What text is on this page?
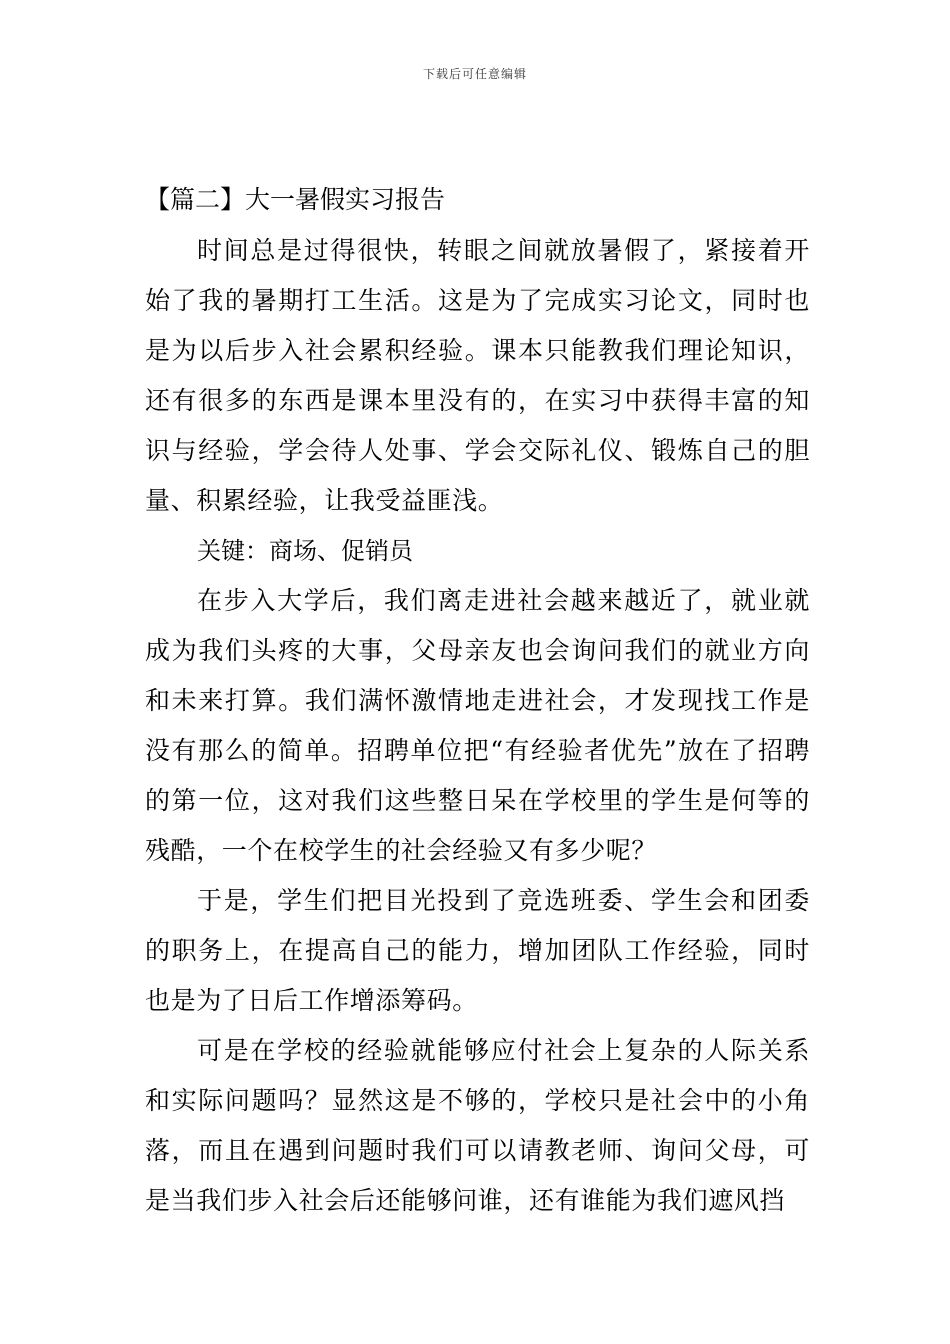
下载后可任意编辑
【篇二】大一暑假实习报告

时间总是过得很快，转眼之间就放暑假了，紧接着开始了我的暑期打工生活。这是为了完成实习论文，同时也是为以后步入社会累积经验。课本只能教我们理论知识，还有很多的东西是课本里没有的，在实习中获得丰富的知识与经验，学会待人处事、学会交际礼仪、锻炼自己的胆量、积累经验，让我受益匪浅。

关键：商场、促销员

在步入大学后，我们离走进社会越来越近了，就业就成为我们头疼的大事，父母亲友也会询问我们的就业方向和未来打算。我们满怀激情地走进社会，才发现找工作是没有那么的简单。招聘单位把“有经验者优先”放在了招聘的第一位，这对我们这些整日呆在学校里的学生是何等的残酷，一个在校学生的社会经验又有多少呢？

于是，学生们把目光投到了竞选班委、学生会和团委的职务上，在提高自己的能力，增加团队工作经验，同时也是为了日后工作增添筹码。

可是在学校的经验就能够应付社会上复杂的人际关系和实际问题吗？显然这是不够的，学校只是社会中的小角落，而且在遇到问题时我们可以请教老师、询问父母，可是当我们步入社会后还能够问谁，还有谁能为我们遮风挡
